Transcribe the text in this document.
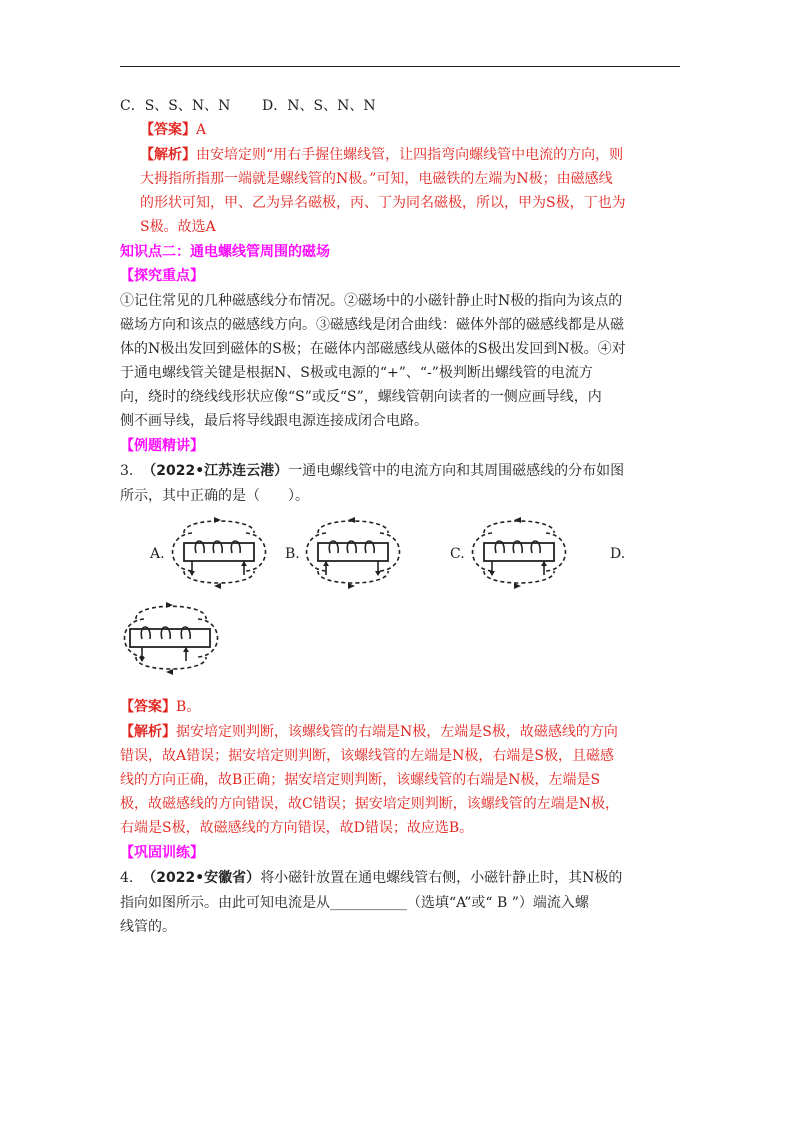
C．S、S、N、N D．N、S、N、N
【答案】A
【解析】由安培定则“用右手握住螺线管，让四指弯向螺线管中电流的方向，则
大拇指所指那一端就是螺线管的N极。”可知，电磁铁的左端为N极；由磁感线
的形状可知，甲、乙为异名磁极，丙、丁为同名磁极，所以，甲为S极，丁也为
S极。故选A
知识点二：通电螺线管周围的磁场
【探究重点】
①记住常见的几种磁感线分布情况。②磁场中的小磁针静止时N极的指向为该点的
磁场方向和该点的磁感线方向。③磁感线是闭合曲线：磁体外部的磁感线都是从磁
体的N极出发回到磁体的S极；在磁体内部磁感线从磁体的S极出发回到N极。④对
于通电螺线管关键是根据N、S极或电源的“+”、“-”极判断出螺线管的电流方
向，绕时的绕线线形状应像“S”或反“S”，螺线管朝向读者的一侧应画导线，内
侧不画导线，最后将导线跟电源连接成闭合电路。
【例题精讲】
3. （2022•江苏连云港）一通电螺线管中的电流方向和其周围磁感线的分布如图
所示，其中正确的是（　　）。
A.	B.	C.	D.
【答案】B。
【解析】据安培定则判断，该螺线管的右端是N极，左端是S极，故磁感线的方向
错误，故A错误；据安培定则判断，该螺线管的左端是N极，右端是S极，且磁感
线的方向正确，故B正确；据安培定则判断，该螺线管的右端是N极，左端是S
极，故磁感线的方向错误，故C错误；据安培定则判断，该螺线管的左端是N极，
右端是S极，故磁感线的方向错误，故D错误；故应选B。
【巩固训练】
4. （2022•安徽省）将小磁针放置在通电螺线管右侧，小磁针静止时，其N极的
指向如图所示。由此可知电流是从___________（选填“A”或“ B ”）端流入螺
线管的。
